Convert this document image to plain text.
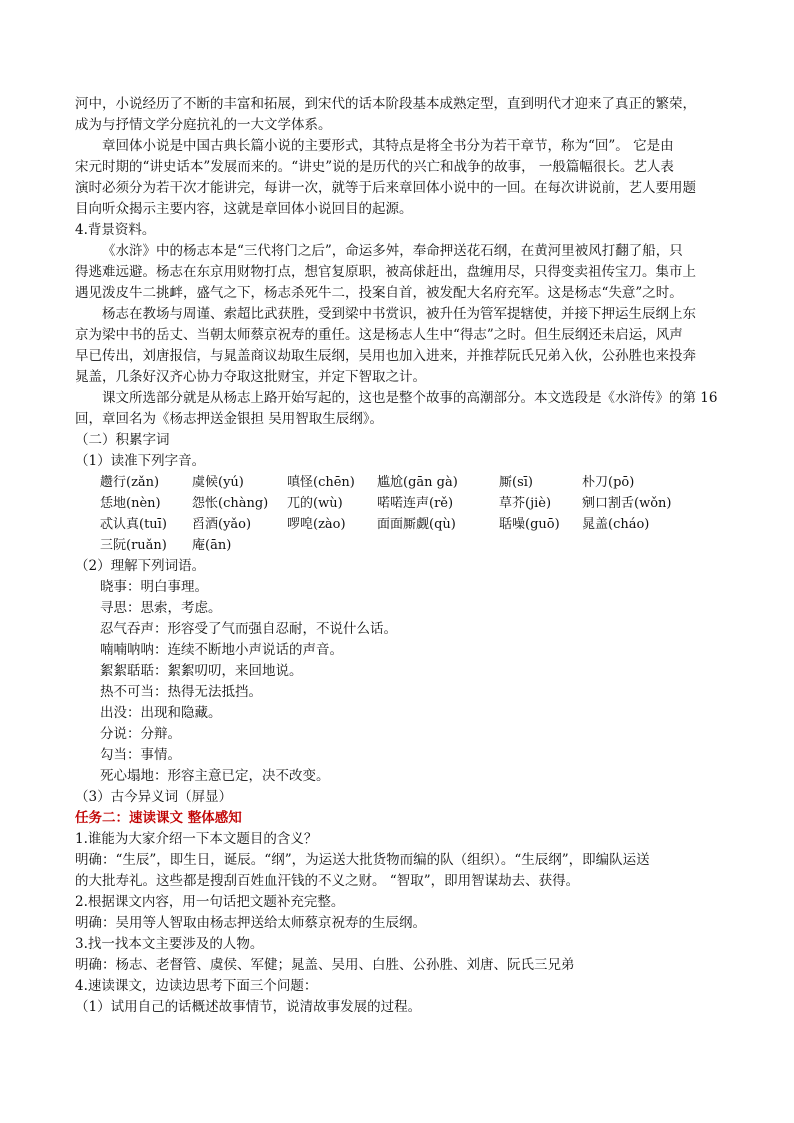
河中，小说经历了不断的丰富和拓展，到宋代的话本阶段基本成熟定型，直到明代才迎来了真正的繁荣，
成为与抒情文学分庭抗礼的一大文学体系。
章回体小说是中国古典长篇小说的主要形式，其特点是将全书分为若干章节，称为“回”。 它是由
宋元时期的“讲史话本”发展而来的。“讲史”说的是历代的兴亡和战争的故事， 一般篇幅很长。艺人表
演时必须分为若干次才能讲完，每讲一次，就等于后来章回体小说中的一回。在每次讲说前，艺人要用题
目向听众揭示主要内容，这就是章回体小说回目的起源。
4.背景资料。
《水浒》中的杨志本是“三代将门之后”，命运多舛，奉命押送花石纲，在黄河里被风打翻了船，只
得逃难远避。杨志在东京用财物打点，想官复原职，被高俅赶出，盘缠用尽，只得变卖祖传宝刀。集市上
遇见泼皮牛二挑衅，盛气之下，杨志杀死牛二，投案自首，被发配大名府充军。这是杨志“失意”之时。
杨志在教场与周谨、索超比武获胜，受到梁中书赏识，被升任为管军提辖使，并接下押运生辰纲上东
京为梁中书的岳丈、当朝太师蔡京祝寿的重任。这是杨志人生中“得志”之时。但生辰纲还未启运，风声
早已传出，刘唐报信，与晁盖商议劫取生辰纲，吴用也加入进来，并推荐阮氏兄弟入伙，公孙胜也来投奔
晁盖，几条好汉齐心协力夺取这批财宝，并定下智取之计。
课文所选部分就是从杨志上路开始写起的，这也是整个故事的高潮部分。本文选段是《水浒传》的第 16
回，章回名为《杨志押送金银担 吴用智取生辰纲》。
（二）积累字词
（1）读准下列字音。
趱行(zǎn)	虞候(yú)	嗔怪(chēn)	尴尬(gān gà)	厮(sī)	朴刀(pō)
恁地(nèn)	怨怅(chàng)	兀的(wù)	喏喏连声(rě)	草芥(jiè)	剜口割舌(wǒn)
忒认真(tuī)	舀酒(yǎo)	啰唣(zào)	面面厮觑(qù)	聒噪(guō)	晁盖(cháo)
三阮(ruǎn)	庵(ān)
（2）理解下列词语。
晓事：明白事理。
寻思：思索，考虑。
忍气吞声：形容受了气而强自忍耐，不说什么话。
喃喃呐呐：连续不断地小声说话的声音。
絮絮聒聒：絮絮叨叨，来回地说。
热不可当：热得无法抵挡。
出没：出现和隐藏。
分说：分辩。
勾当：事情。
死心塌地：形容主意已定，决不改变。
（3）古今异义词（屏显）
任务二：速读课文 整体感知
1.谁能为大家介绍一下本文题目的含义？
明确：“生辰”，即生日，诞辰。“纲”，为运送大批货物而编的队（组织）。“生辰纲”，即编队运送
的大批寿礼。这些都是搜刮百姓血汗钱的不义之财。 “智取”，即用智谋劫去、获得。
2.根据课文内容，用一句话把文题补充完整。
明确：吴用等人智取由杨志押送给太师蔡京祝寿的生辰纲。
3.找一找本文主要涉及的人物。
明确：杨志、老督管、虞侯、军健；晁盖、吴用、白胜、公孙胜、刘唐、阮氏三兄弟
4.速读课文，边读边思考下面三个问题：
（1）试用自己的话概述故事情节，说清故事发展的过程。
